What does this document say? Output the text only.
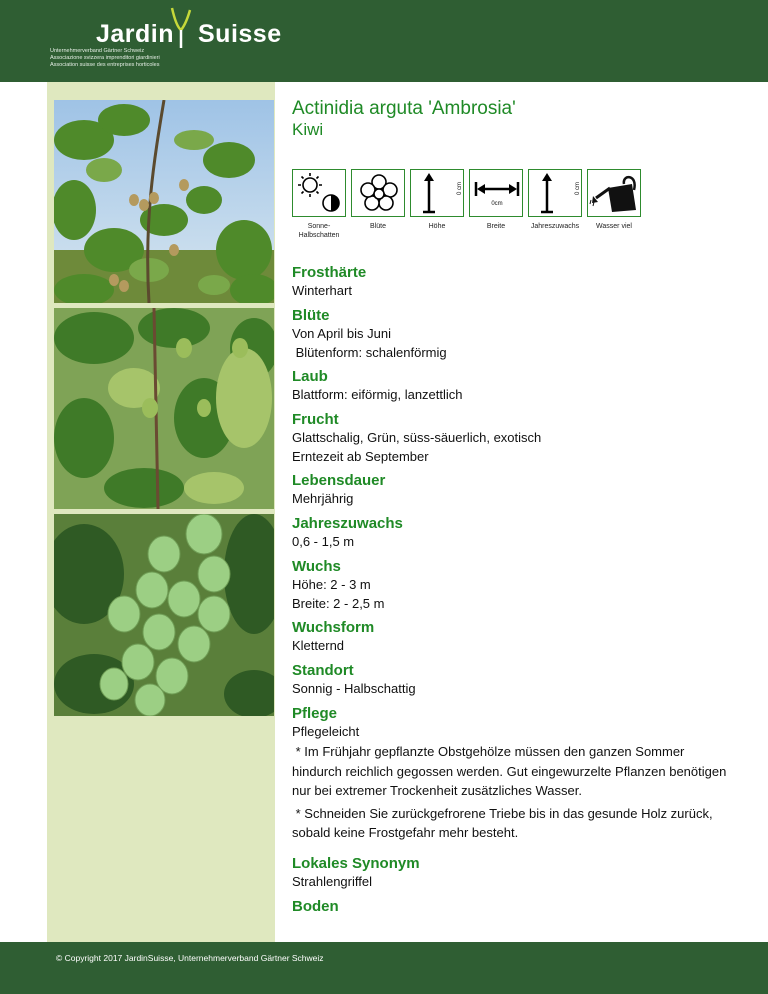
Jardin Suisse
Unternehmerverband Gärtner Schweiz
Associazione svizzera imprenditori giardinieri
Association suisse des entreprises horticoles
Actinidia arguta 'Ambrosia'
Kiwi
Sonne-
Halbschatten
Blüte
0 cm
Höhe
0cm
Breite
0 cm
Jahreszuwachs	Wasser viel
Frosthärte
Winterhart
Blüte
Von April bis Juni
Blütenform: schalenförmig
Laub
Blattform: eiförmig, lanzettlich
Frucht
Glattschalig, Grün, süss-säuerlich, exotisch
Erntezeit ab September
Lebensdauer
Mehrjährig
Jahreszuwachs
0,6 - 1,5 m
Wuchs
Höhe: 2 - 3 m
Breite: 2 - 2,5 m
Wuchsform
Kletternd
Standort
Sonnig - Halbschattig
Pflege
Pflegeleicht
* Im Frühjahr gepflanzte Obstgehölze müssen den ganzen Sommer hindurch reichlich gegossen werden. Gut eingewurzelte Pflanzen benötigen nur bei extremer Trockenheit zusätzliches Wasser.
* Schneiden Sie zurückgefrorene Triebe bis in das gesunde Holz zurück, sobald keine Frostgefahr mehr besteht.
Lokales Synonym
Strahlengriffel
Boden
© Copyright 2017 JardinSuisse, Unternehmerverband Gärtner Schweiz
